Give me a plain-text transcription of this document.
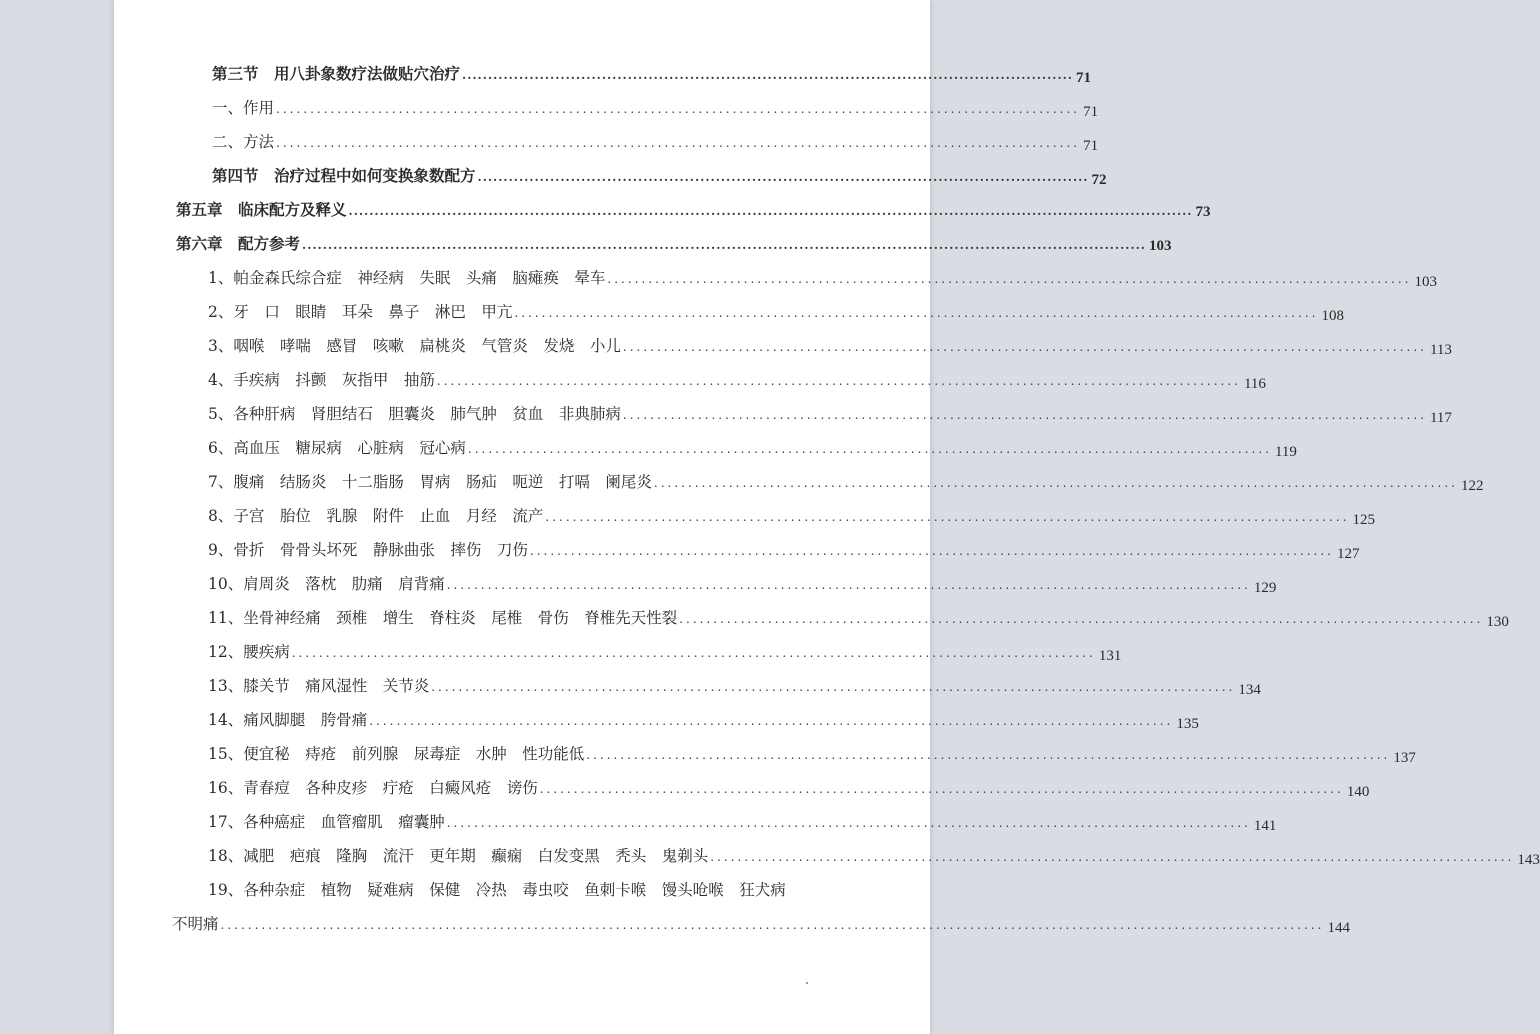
第三节　用八卦象数疗法做贴穴治疗 ...................................................................................................................... 71
一、作用 ...................................................................................................................... 71
二、方法 ...................................................................................................................... 71
第四节　治疗过程中如何变换象数配方 ...................................................................................................................... 72
第五章　临床配方及释义 ................................................................................................................................................................... 73
第六章　配方参考 ................................................................................................................................................................... 103
1、帕金森氏综合症　神经病　失眠　头痛　脑瘫痪　晕车 ...................................................................................................................... 103
2、牙　口　眼睛　耳朵　鼻子　淋巴　甲亢 ...................................................................................................................... 108
3、咽喉　哮喘　感冒　咳嗽　扁桃炎　气管炎　发烧　小儿 ...................................................................................................................... 113
4、手疾病　抖颤　灰指甲　抽筋 ...................................................................................................................... 116
5、各种肝病　肾胆结石　胆囊炎　肺气肿　贫血　非典肺病 ...................................................................................................................... 117
6、高血压　糖尿病　心脏病　冠心病 ...................................................................................................................... 119
7、腹痛　结肠炎　十二脂肠　胃病　肠疝　呃逆　打嗝　阑尾炎 ...................................................................................................................... 122
8、子宫　胎位　乳腺　附件　止血　月经　流产 ...................................................................................................................... 125
9、骨折　骨骨头坏死　静脉曲张　摔伤　刀伤 ...................................................................................................................... 127
10、肩周炎　落枕　肋痛　肩背痛 ...................................................................................................................... 129
11、坐骨神经痛　颈椎　增生　脊柱炎　尾椎　骨伤　脊椎先天性裂 ...................................................................................................................... 130
12、腰疾病 ...................................................................................................................... 131
13、膝关节　痛风湿性　关节炎 ...................................................................................................................... 134
14、痛风脚腿　胯骨痛 ...................................................................................................................... 135
15、便宜秘　痔疮　前列腺　尿毒症　水肿　性功能低 ...................................................................................................................... 137
16、青春痘　各种皮疹　疔疮　白癜风疮　谤伤 ...................................................................................................................... 140
17、各种癌症　血管瘤肌　瘤囊肿 ...................................................................................................................... 141
18、减肥　疤痕　隆胸　流汗　更年期　癫痫　白发变黑　秃头　鬼剃头 ...................................................................................................................... 143
19、各种杂症　植物　疑难病　保健　冷热　毒虫咬　鱼刺卡喉　馒头呛喉　狂犬病
不明痛 .................................................................................................................................................................. 144
